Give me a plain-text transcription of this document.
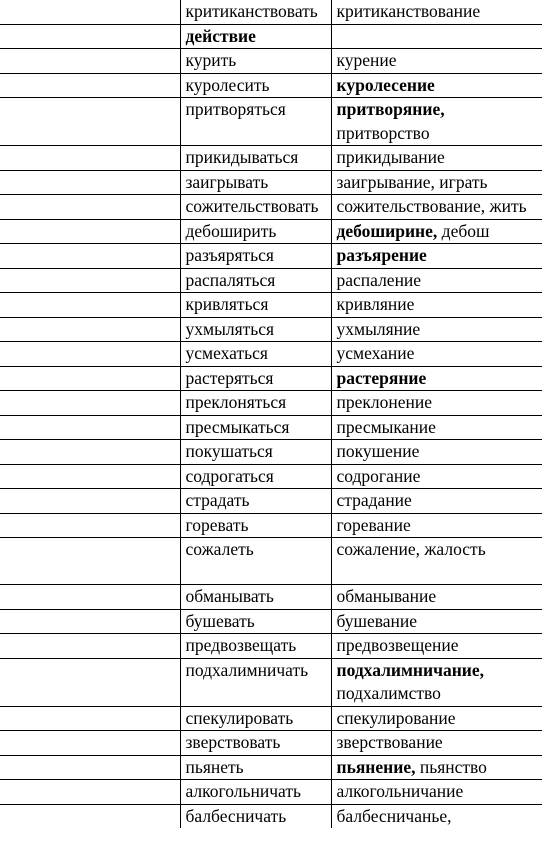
	критиканствовать	критиканствование
	действие	
	курить	курение
	куролесить	куролесение
	притворяться	притворяние, притворство
	прикидываться	прикидывание
	заигрывать	заигрывание, играть
	сожительствовать	сожительствование, жить
	дебоширить	дебоширине, дебош
	разъяряться	разъярение
	распаляться	распаление
	кривляться	кривляние
	ухмыляться	ухмыляние
	усмехаться	усмехание
	растеряться	растеряние
	преклоняться	преклонение
	пресмыкаться	пресмыкание
	покушаться	покушение
	содрогаться	содрогание
	страдать	страдание
	горевать	горевание
	сожалеть	сожаление, жалость
	обманывать	обманывание
	бушевать	бушевание
	предвозвещать	предвозвещение
	подхалимничать	подхалимничание, подхалимство
	спекулировать	спекулирование
	зверствовать	зверствование
	пьянеть	пьянение, пьянство
	алкогольничать	алкогольничание
	балбесничать	балбесничанье,
